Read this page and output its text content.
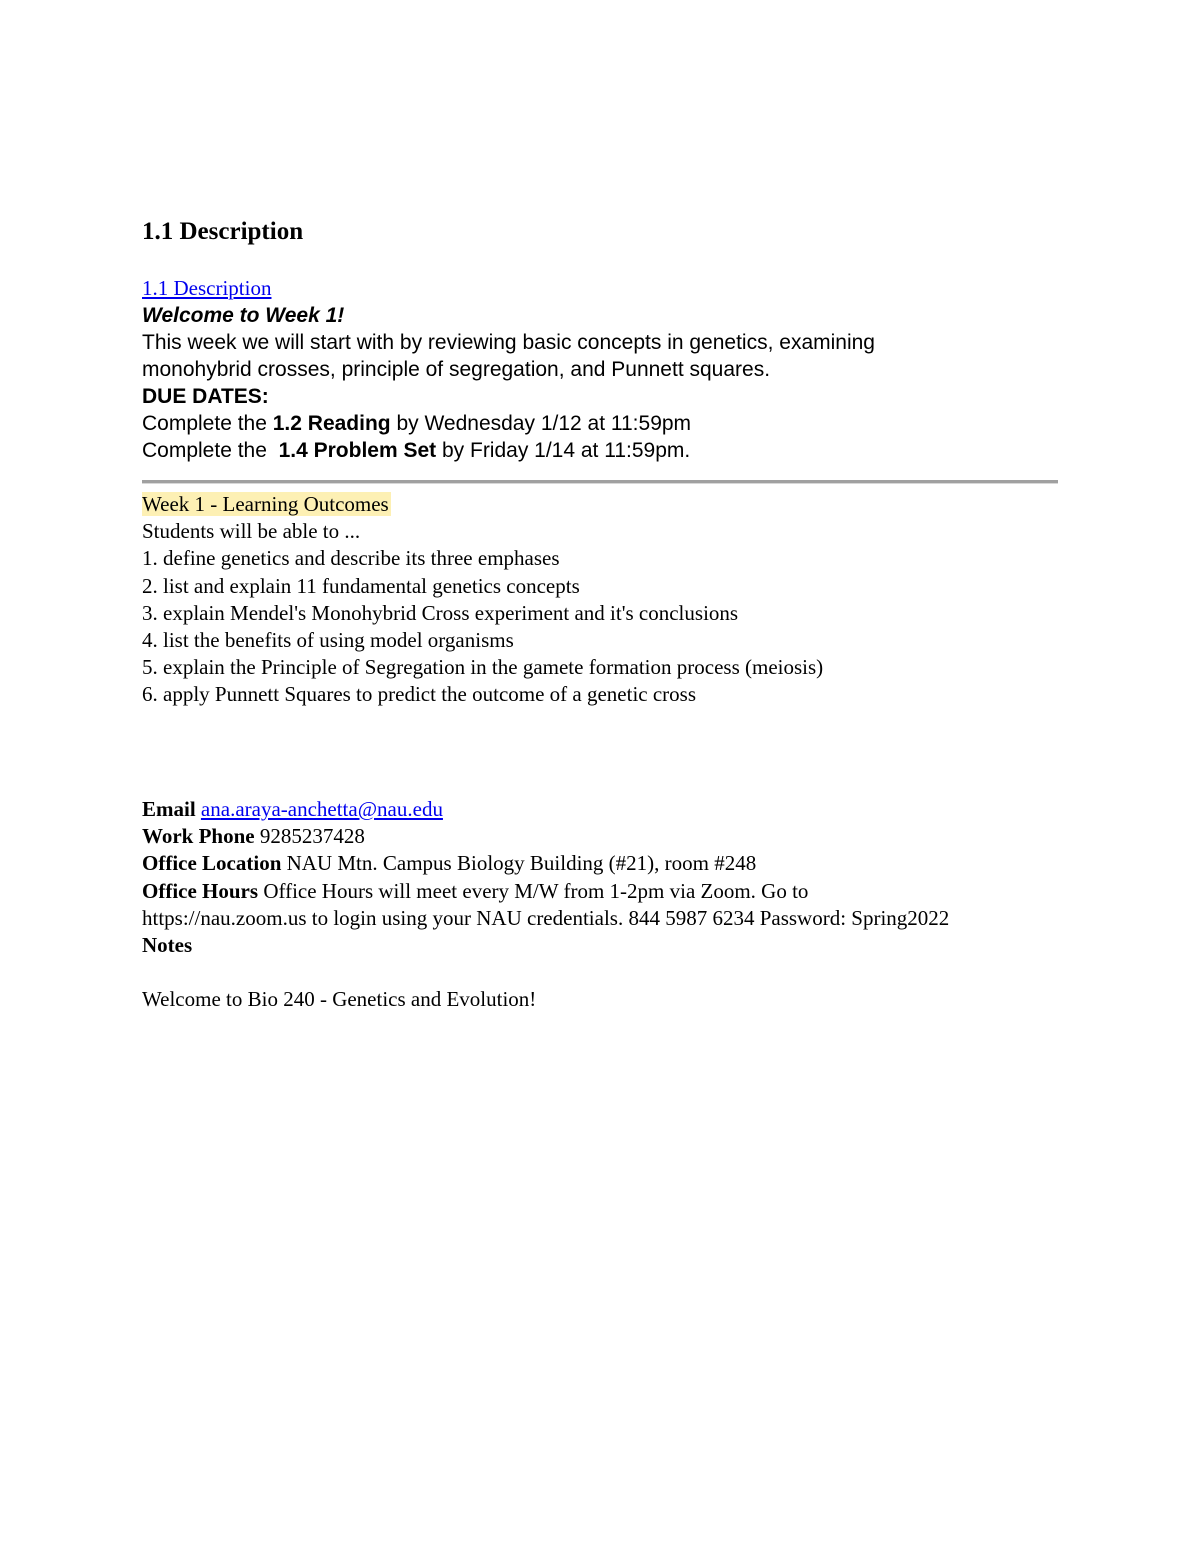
1.1 Description
1.1 Description
Welcome to Week 1!
This week we will start with by reviewing basic concepts in genetics, examining
monohybrid crosses, principle of segregation, and Punnett squares.
DUE DATES:
Complete the 1.2 Reading by Wednesday 1/12 at 11:59pm
Complete the  1.4 Problem Set by Friday 1/14 at 11:59pm.
Week 1 - Learning Outcomes
Students will be able to ...
1. define genetics and describe its three emphases
2. list and explain 11 fundamental genetics concepts
3. explain Mendel's Monohybrid Cross experiment and it's conclusions
4. list the benefits of using model organisms
5. explain the Principle of Segregation in the gamete formation process (meiosis)
6. apply Punnett Squares to predict the outcome of a genetic cross
Email ana.araya-anchetta@nau.edu
Work Phone 9285237428
Office Location NAU Mtn. Campus Biology Building (#21), room #248
Office Hours Office Hours will meet every M/W from 1-2pm via Zoom. Go to
https://nau.zoom.us to login using your NAU credentials. 844 5987 6234 Password: Spring2022
Notes
Welcome to Bio 240 - Genetics and Evolution!
